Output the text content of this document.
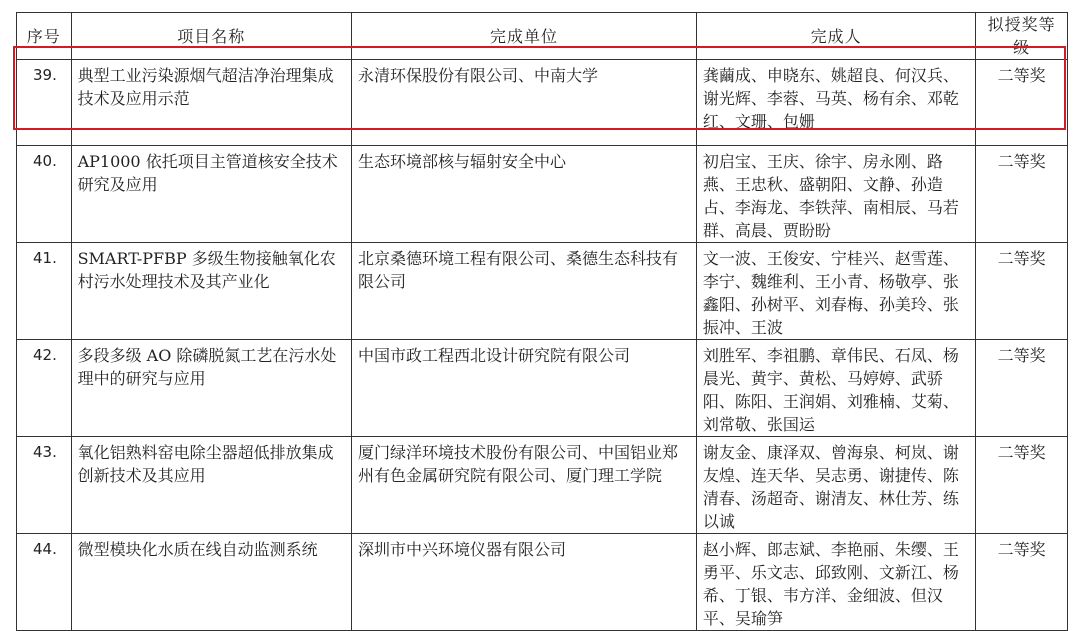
序号	项目名称	完成单位	完成人	拟授奖等级
39.	典型工业污染源烟气超洁净治理集成技术及应用示范	永清环保股份有限公司、中南大学	龚繭成、申晓东、姚超良、何汉兵、谢光辉、李蓉、马英、杨有余、邓乾红、文珊、包姗	二等奖
40.	AP1000 依托项目主管道核安全技术研究及应用	生态环境部核与辐射安全中心	初启宝、王庆、徐宇、房永刚、路燕、王忠秋、盛朝阳、文静、孙造占、李海龙、李铁萍、南相辰、马若群、高晨、贾盼盼	二等奖
41.	SMART-PFBP 多级生物接触氧化农村污水处理技术及其产业化	北京桑德环境工程有限公司、桑德生态科技有限公司	文一波、王俊安、宁桂兴、赵雪莲、李宁、魏维利、王小青、杨敬亭、张鑫阳、孙树平、刘春梅、孙美玲、张振冲、王波	二等奖
42.	多段多级 AO 除磷脱氮工艺在污水处理中的研究与应用	中国市政工程西北设计研究院有限公司	刘胜军、李祖鹏、章伟民、石凤、杨晨光、黄宇、黄松、马婷婷、武骄阳、陈阳、王润娟、刘雅楠、艾菊、刘常敬、张国运	二等奖
43.	氧化铝熟料窑电除尘器超低排放集成创新技术及其应用	厦门绿洋环境技术股份有限公司、中国铝业郑州有色金属研究院有限公司、厦门理工学院	谢友金、康泽双、曾海泉、柯岚、谢友煌、连天华、吴志勇、谢捷传、陈清春、汤超奇、谢清友、林仕芳、练以诚	二等奖
44.	微型模块化水质在线自动监测系统	深圳市中兴环境仪器有限公司	赵小辉、郎志斌、李艳丽、朱缨、王勇平、乐文志、邱致刚、文新江、杨希、丁银、韦方洋、金细波、但汉平、吴瑜笋	二等奖
